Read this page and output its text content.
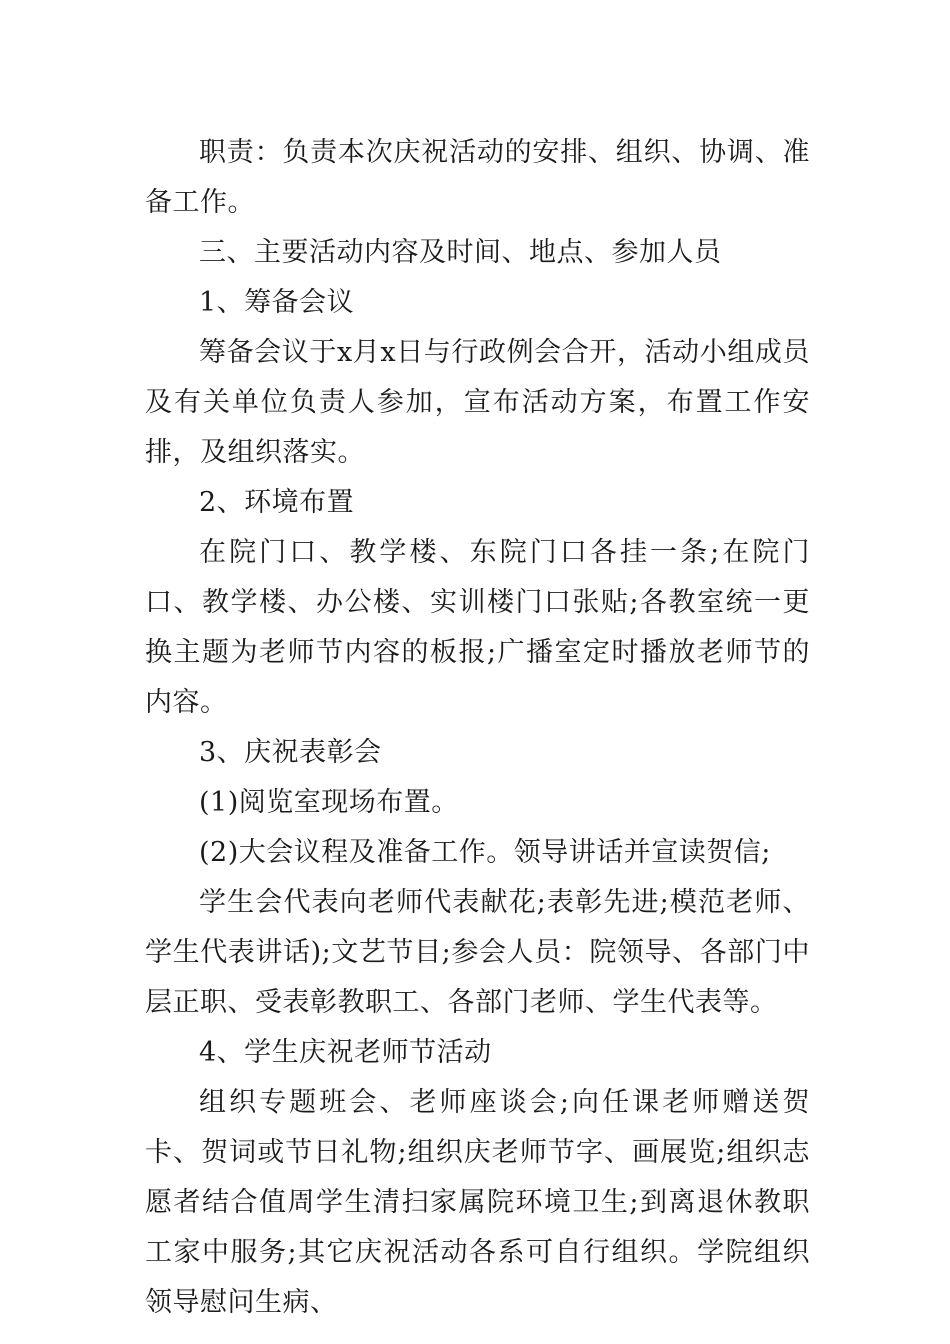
职责：负责本次庆祝活动的安排、组织、协调、准备工作。

三、主要活动内容及时间、地点、参加人员

1、筹备会议

筹备会议于x月x日与行政例会合开，活动小组成员及有关单位负责人参加，宣布活动方案，布置工作安排，及组织落实。

2、环境布置

在院门口、教学楼、东院门口各挂一条;在院门口、教学楼、办公楼、实训楼门口张贴;各教室统一更换主题为老师节内容的板报;广播室定时播放老师节的内容。

3、庆祝表彰会

(1)阅览室现场布置。

(2)大会议程及准备工作。领导讲话并宣读贺信;

学生会代表向老师代表献花;表彰先进;模范老师、学生代表讲话);文艺节目;参会人员：院领导、各部门中层正职、受表彰教职工、各部门老师、学生代表等。

4、学生庆祝老师节活动

组织专题班会、老师座谈会;向任课老师赠送贺卡、贺词或节日礼物;组织庆老师节字、画展览;组织志愿者结合值周学生清扫家属院环境卫生;到离退休教职工家中服务;其它庆祝活动各系可自行组织。学院组织领导慰问生病、
